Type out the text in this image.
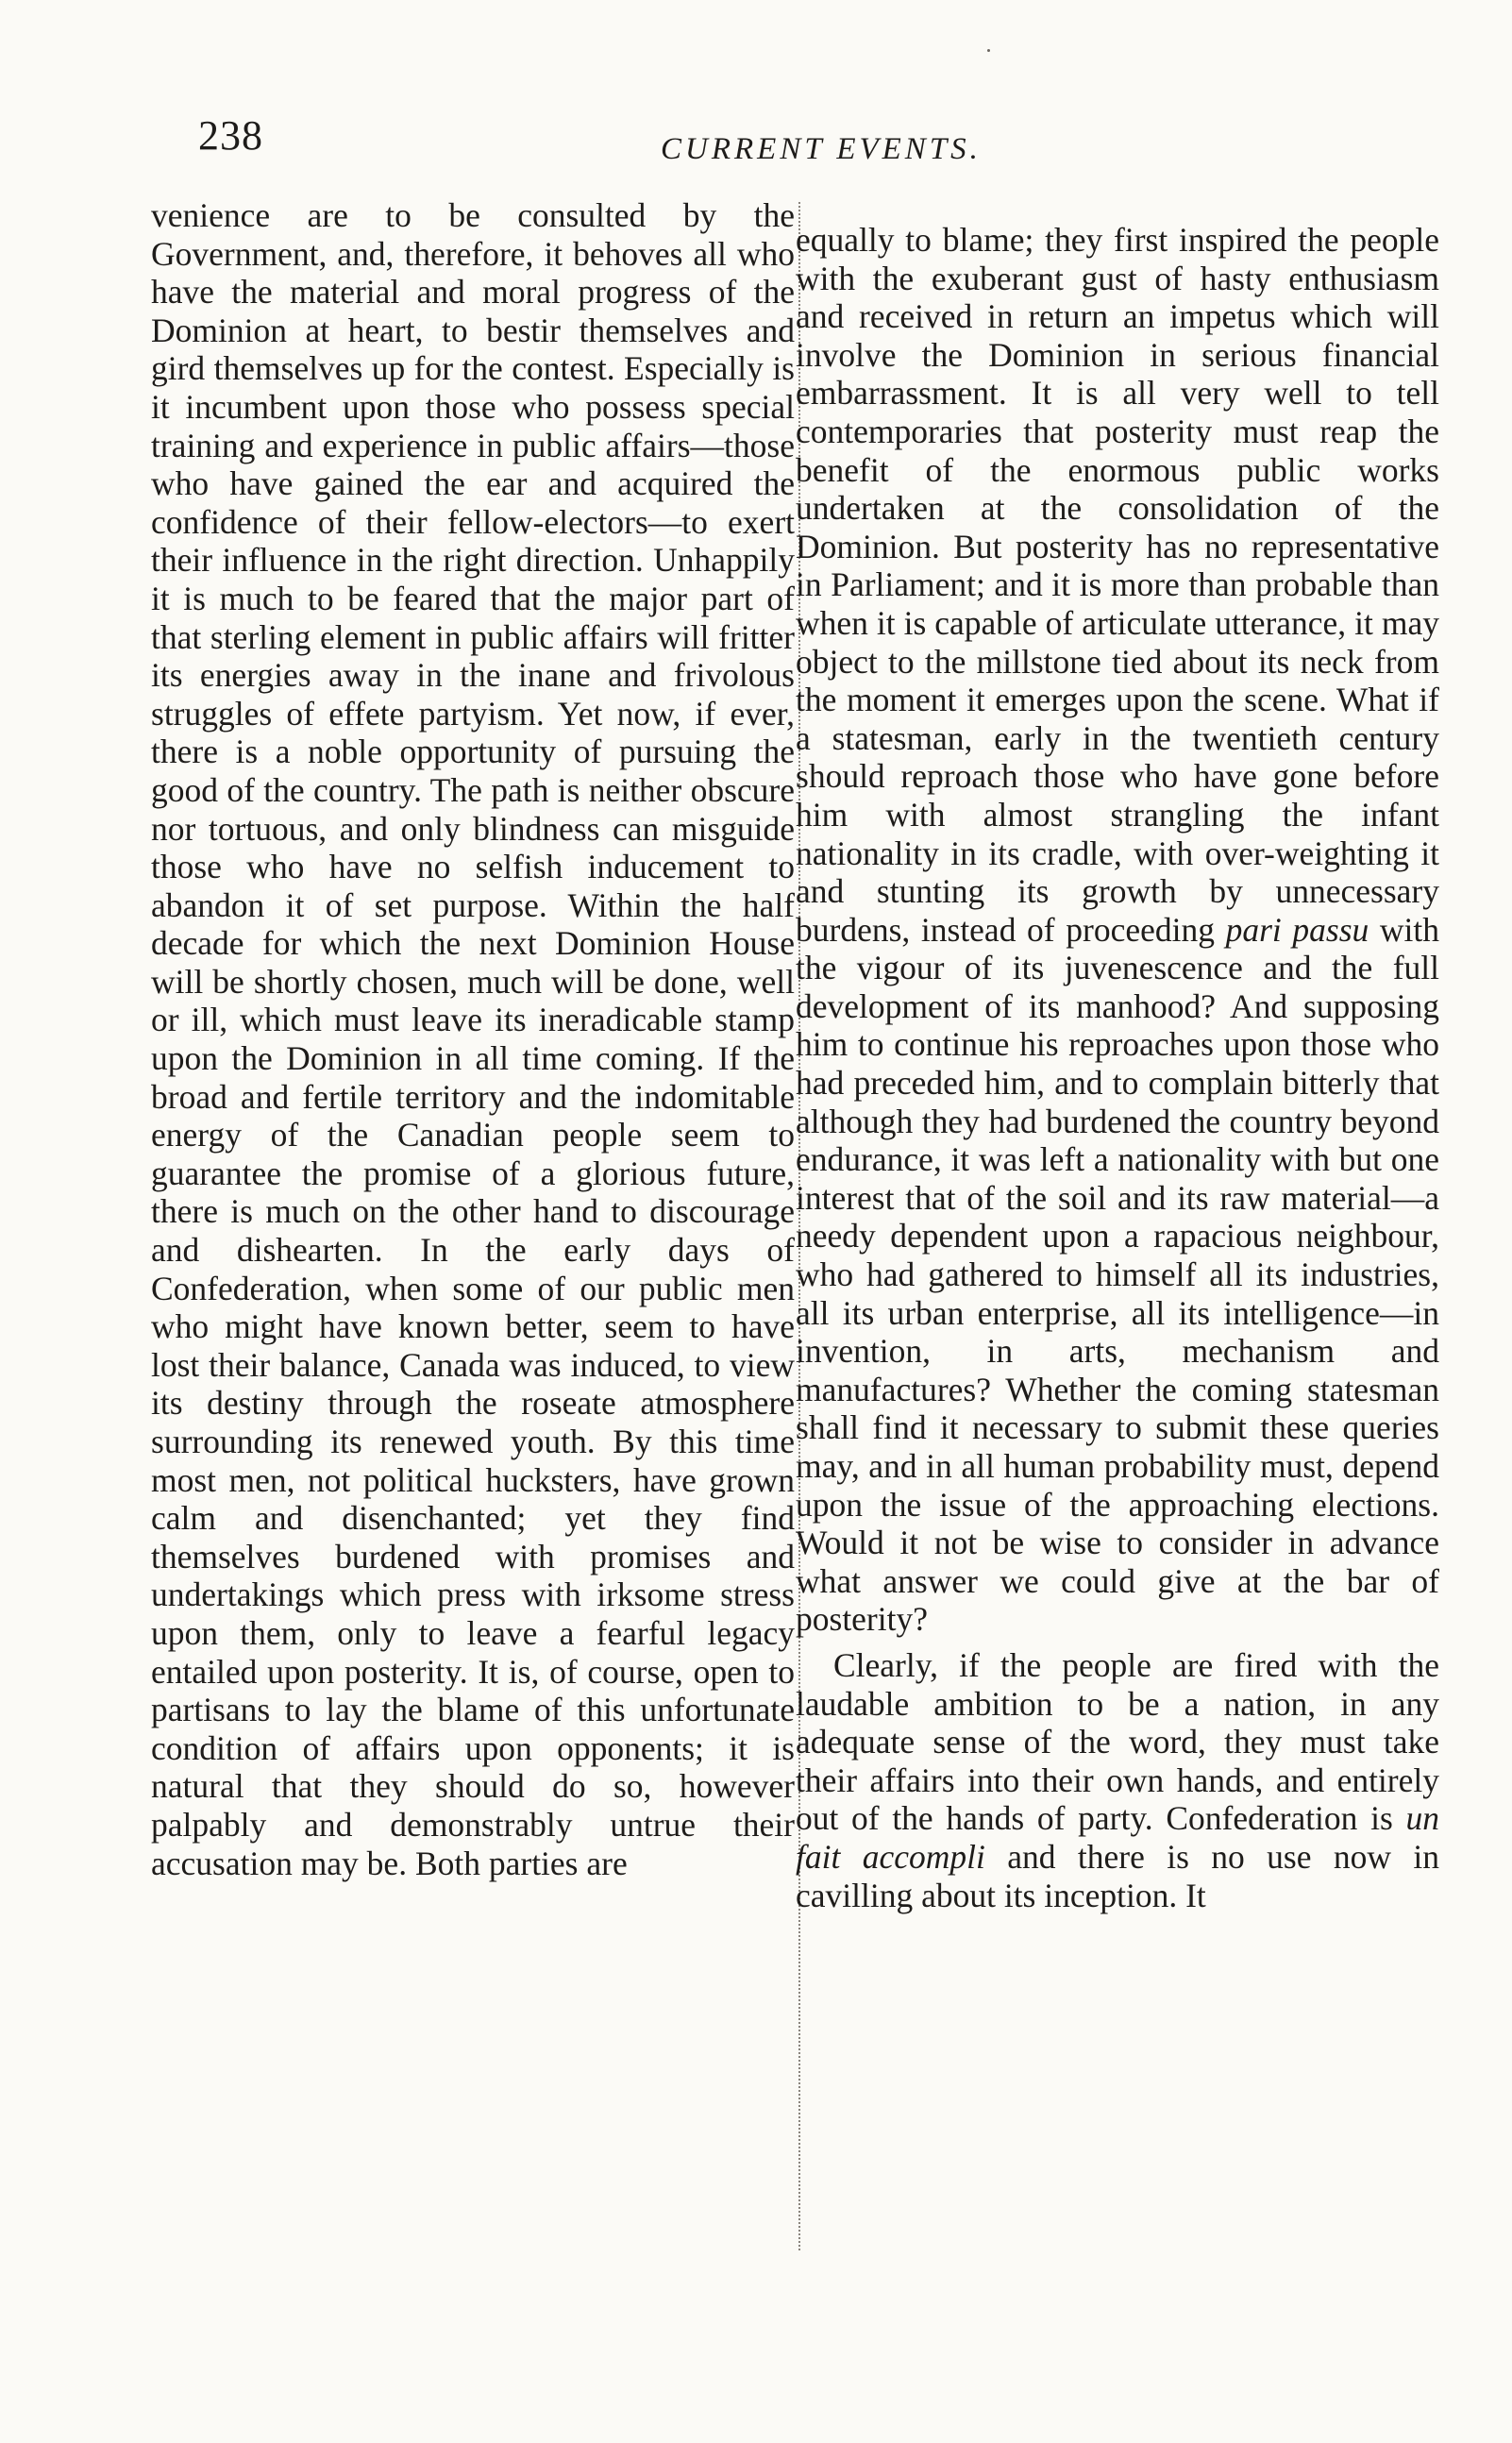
238	CURRENT EVENTS.

venience are to be consulted by the Government, and, therefore, it behoves all who have the material and moral progress of the Dominion at heart, to bestir themselves and gird themselves up for the contest. Especially is it incumbent upon those who possess special training and experience in public affairs—those who have gained the ear and acquired the confidence of their fellow-electors—to exert their influence in the right direction. Unhappily it is much to be feared that the major part of that sterling element in public affairs will fritter its energies away in the inane and frivolous struggles of effete partyism. Yet now, if ever, there is a noble opportunity of pursuing the good of the country. The path is neither obscure nor tortuous, and only blindness can misguide those who have no selfish inducement to abandon it of set purpose. Within the half decade for which the next Dominion House will be shortly chosen, much will be done, well or ill, which must leave its ineradicable stamp upon the Dominion in all time coming. If the broad and fertile territory and the indomitable energy of the Canadian people seem to guarantee the promise of a glorious future, there is much on the other hand to discourage and dishearten. In the early days of Confederation, when some of our public men who might have known better, seem to have lost their balance, Canada was induced, to view its destiny through the roseate atmosphere surrounding its renewed youth. By this time most men, not political hucksters, have grown calm and disenchanted; yet they find themselves burdened with promises and undertakings which press with irksome stress upon them, only to leave a fearful legacy entailed upon posterity. It is, of course, open to partisans to lay the blame of this unfortunate condition of affairs upon opponents; it is natural that they should do so, however palpably and demonstrably untrue their accusation may be. Both parties are

equally to blame; they first inspired the people with the exuberant gust of hasty enthusiasm and received in return an impetus which will involve the Dominion in serious financial embarrassment. It is all very well to tell contemporaries that posterity must reap the benefit of the enormous public works undertaken at the consolidation of the Dominion. But posterity has no representative in Parliament; and it is more than probable than when it is capable of articulate utterance, it may object to the millstone tied about its neck from the moment it emerges upon the scene. What if a statesman, early in the twentieth century should reproach those who have gone before him with almost strangling the infant nationality in its cradle, with over-weighting it and stunting its growth by unnecessary burdens, instead of proceeding pari passu with the vigour of its juvenescence and the full development of its manhood? And supposing him to continue his reproaches upon those who had preceded him, and to complain bitterly that although they had burdened the country beyond endurance, it was left a nationality with but one interest that of the soil and its raw material—a needy dependent upon a rapacious neighbour, who had gathered to himself all its industries, all its urban enterprise, all its intelligence—in invention, in arts, mechanism and manufactures? Whether the coming statesman shall find it necessary to submit these queries may, and in all human probability must, depend upon the issue of the approaching elections. Would it not be wise to consider in advance what answer we could give at the bar of posterity?

Clearly, if the people are fired with the laudable ambition to be a nation, in any adequate sense of the word, they must take their affairs into their own hands, and entirely out of the hands of party. Confederation is un fait accompli and there is no use now in cavilling about its inception. It
